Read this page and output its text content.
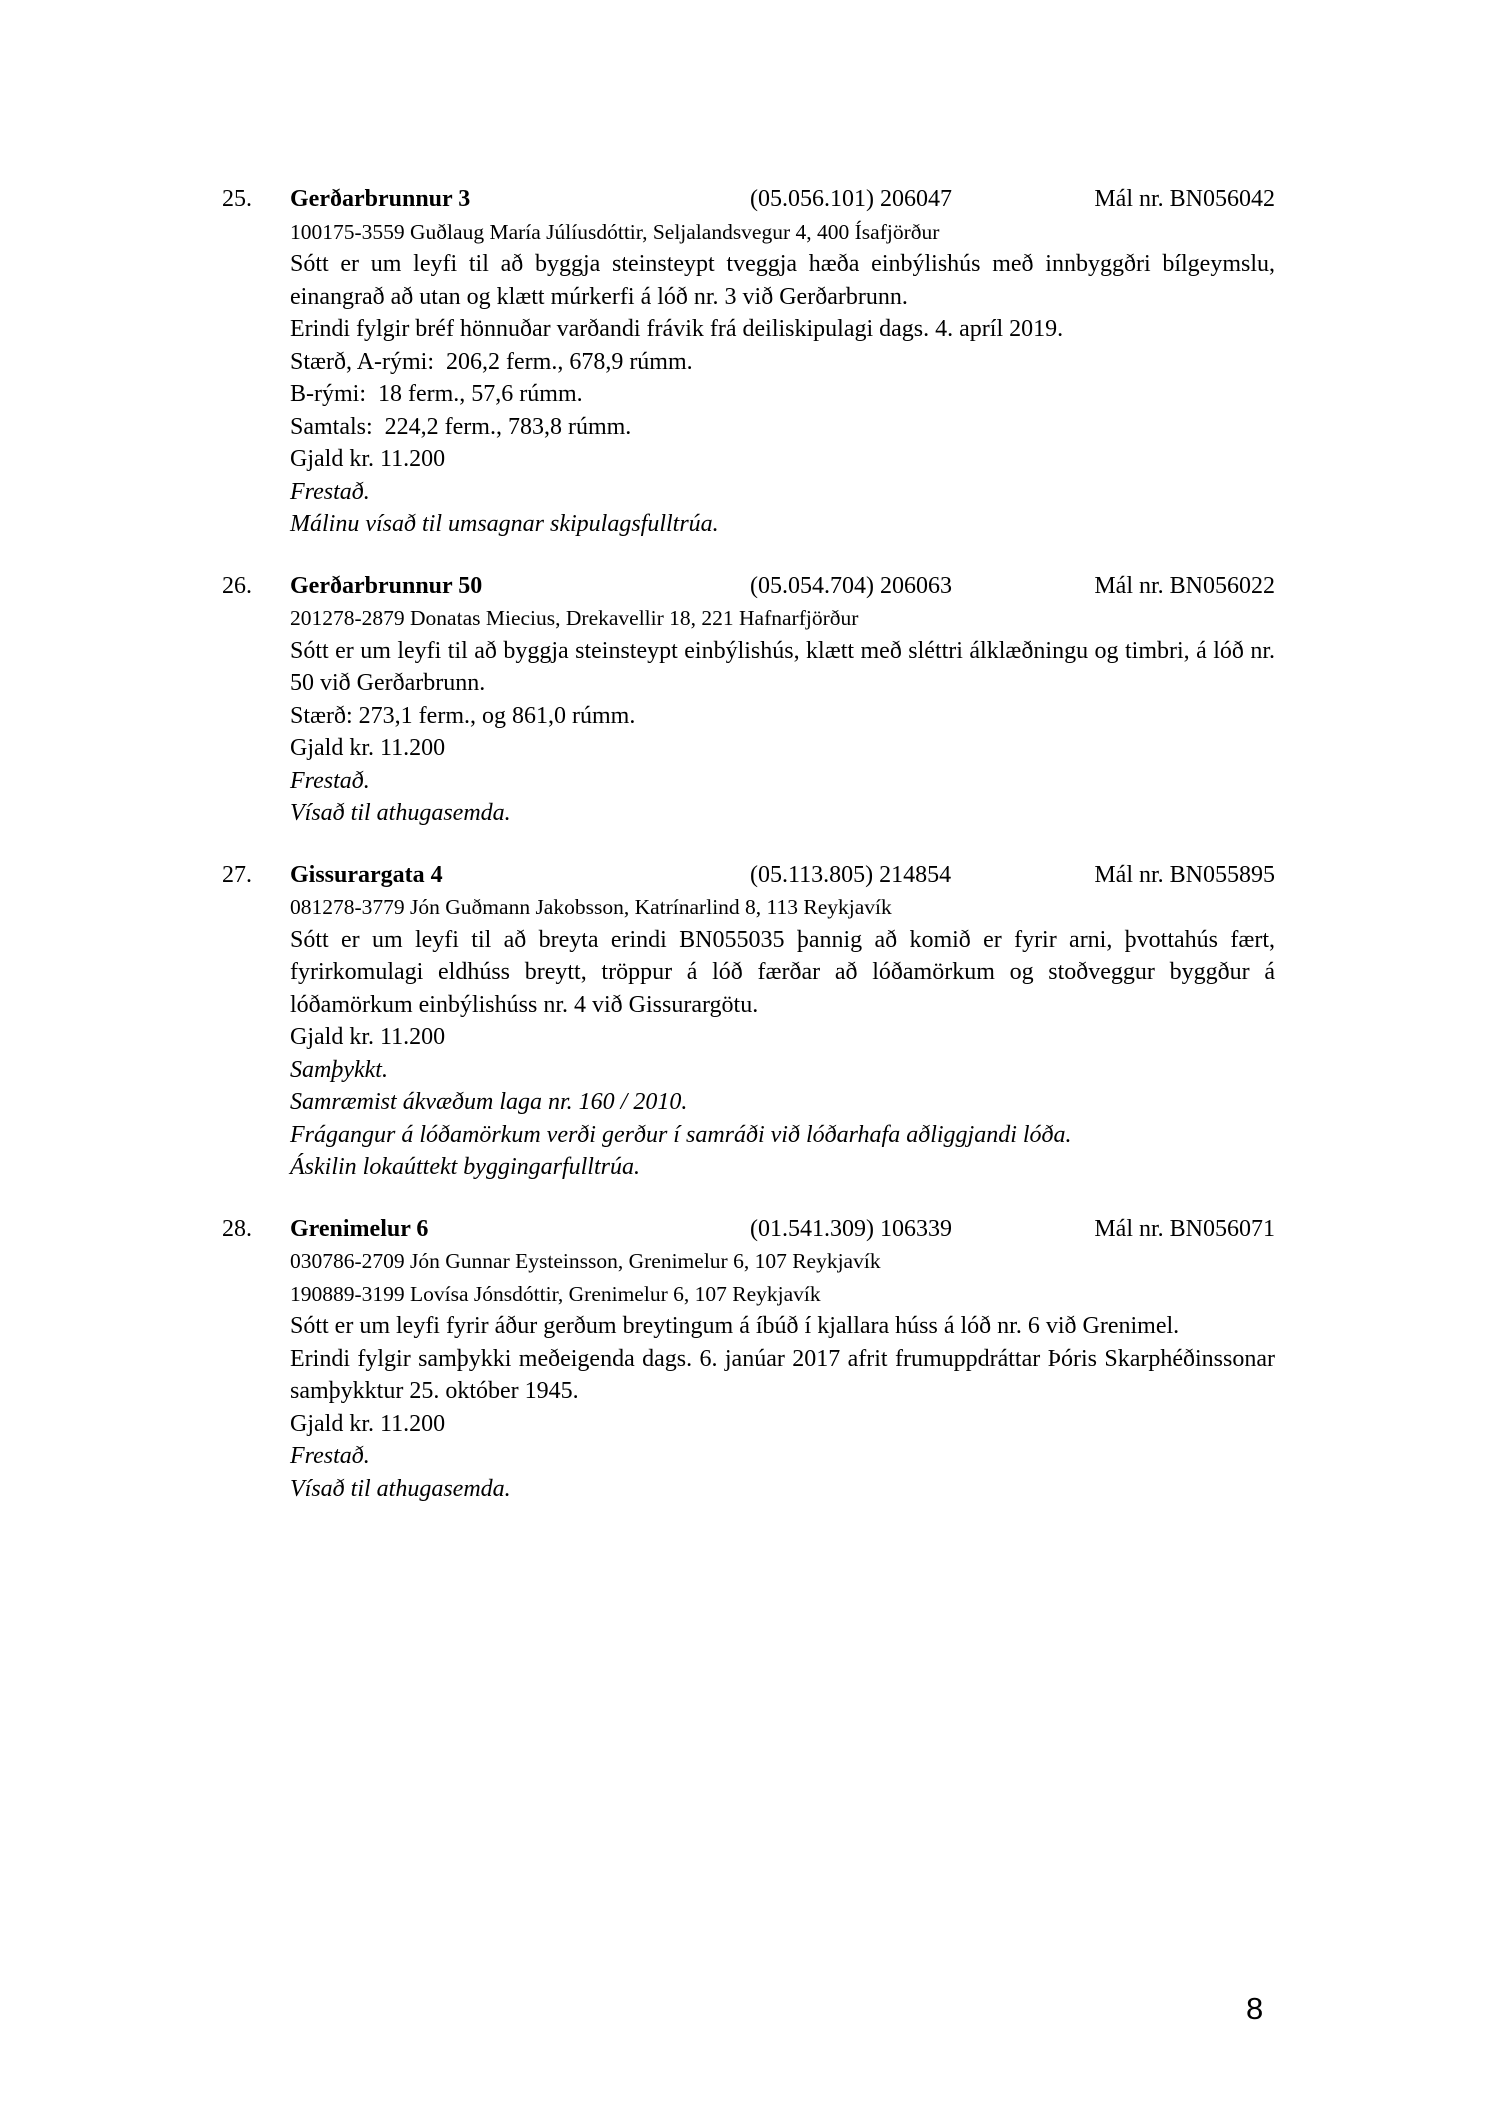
25.	Gerðarbrunnur 3	(05.056.101) 206047	Mál nr. BN056042
100175-3559 Guðlaug María Júlíusdóttir, Seljalandsvegur 4, 400 Ísafjörður
Sótt er um leyfi til að byggja steinsteypt tveggja hæða einbýlishús með innbyggðri bílgeymslu, einangrað að utan og klætt múrkerfi á lóð nr. 3 við Gerðarbrunn.
Erindi fylgir bréf hönnuðar varðandi frávik frá deiliskipulagi dags. 4. apríl 2019.
Stærð, A-rými:  206,2 ferm., 678,9 rúmm.
B-rými:  18 ferm., 57,6 rúmm.
Samtals:  224,2 ferm., 783,8 rúmm.
Gjald kr. 11.200
Frestað.
Málinu vísað til umsagnar skipulagsfulltrúa.
26.	Gerðarbrunnur 50	(05.054.704) 206063	Mál nr. BN056022
201278-2879 Donatas Miecius, Drekavellir 18, 221 Hafnarfjörður
Sótt er um leyfi til að byggja steinsteypt einbýlishús, klætt með sléttri álklæðningu og timbri, á lóð nr. 50 við Gerðarbrunn.
Stærð: 273,1 ferm., og 861,0 rúmm.
Gjald kr. 11.200
Frestað.
Vísað til athugasemda.
27.	Gissurargata 4	(05.113.805) 214854	Mál nr. BN055895
081278-3779 Jón Guðmann Jakobsson, Katrínarlind 8, 113 Reykjavík
Sótt er um leyfi til að breyta erindi BN055035 þannig að komið er fyrir arni, þvottahús fært, fyrirkomulagi eldhúss breytt, tröppur á lóð færðar að lóðamörkum og stoðveggur byggður á lóðamörkum einbýlishúss nr. 4 við Gissurargötu.
Gjald kr. 11.200
Samþykkt.
Samræmist ákvæðum laga nr. 160 / 2010.
Frágangur á lóðamörkum verði gerður í samráði við lóðarhafa aðliggjandi lóða.
Áskilin lokaúttekt byggingarfulltrúa.
28.	Grenimelur 6	(01.541.309) 106339	Mál nr. BN056071
030786-2709 Jón Gunnar Eysteinsson, Grenimelur 6, 107 Reykjavík
190889-3199 Lovísa Jónsdóttir, Grenimelur 6, 107 Reykjavík
Sótt er um leyfi fyrir áður gerðum breytingum á íbúð í kjallara húss á lóð nr. 6 við Grenimel.
Erindi fylgir samþykki meðeigenda dags. 6. janúar 2017 afrit frumuppdráttar Þóris Skarphéðinssonar samþykktur 25. október 1945.
Gjald kr. 11.200
Frestað.
Vísað til athugasemda.
8
